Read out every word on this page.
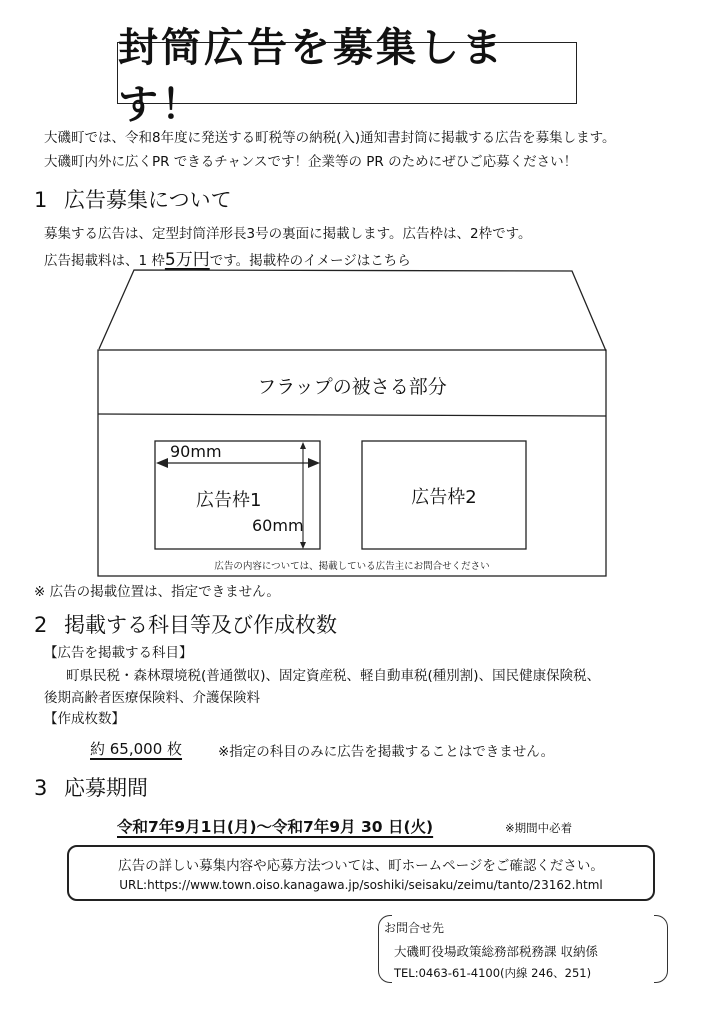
封筒広告を募集します！
大磯町では、令和8年度に発送する町税等の納税(入)通知書封筒に掲載する広告を募集します。
大磯町内外に広くPR できるチャンスです！企業等の PR のためにぜひご応募ください！
1 広告募集について
募集する広告は、定型封筒洋形長3号の裏面に掲載します。広告枠は、2枠です。
広告掲載料は、1 枠5万円です。掲載枠のイメージはこちら
フラップの被さる部分
90mm
広告枠1
60mm
広告枠2
広告の内容については、掲載している広告主にお問合せください
※ 広告の掲載位置は、指定できません。
2 掲載する科目等及び作成枚数
【広告を掲載する科目】
町県民税・森林環境税(普通徴収)、固定資産税、軽自動車税(種別割)、国民健康保険税、
後期高齢者医療保険料、介護保険料
【作成枚数】
約 65,000 枚	※指定の科目のみに広告を掲載することはできません。
3 応募期間
令和7年9月1日(月)～令和7年9月 30 日(火)	※期間中必着
広告の詳しい募集内容や応募方法ついては、町ホームページをご確認ください。
URL:https://www.town.oiso.kanagawa.jp/soshiki/seisaku/zeimu/tanto/23162.html
お問合せ先
大磯町役場政策総務部税務課 収納係
TEL:0463-61-4100(内線 246、251)
